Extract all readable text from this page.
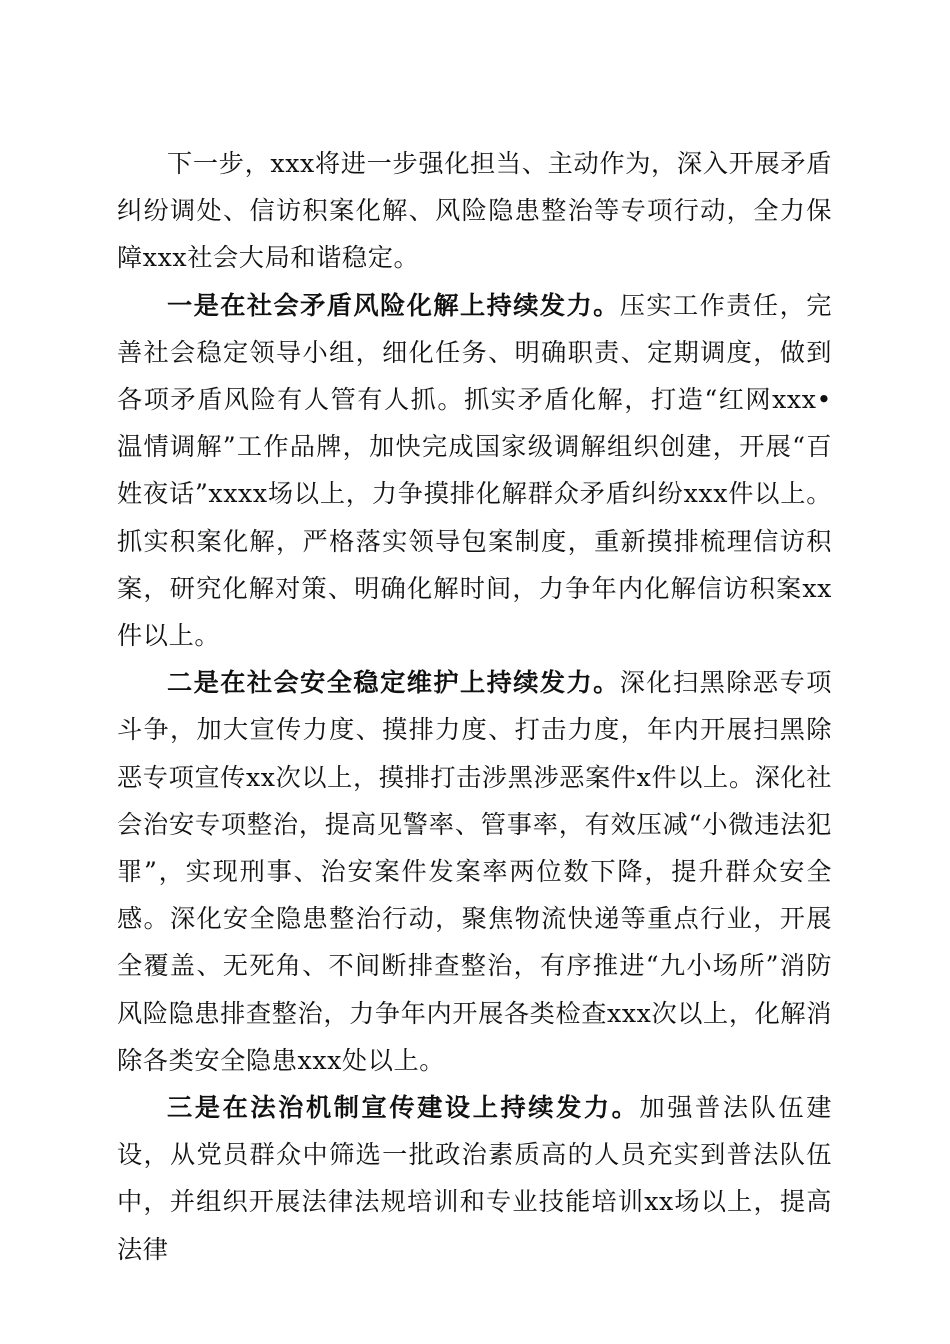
下一步，xxx将进一步强化担当、主动作为，深入开展矛盾纠纷调处、信访积案化解、风险隐患整治等专项行动，全力保障xxx社会大局和谐稳定。

一是在社会矛盾风险化解上持续发力。压实工作责任，完善社会稳定领导小组，细化任务、明确职责、定期调度，做到各项矛盾风险有人管有人抓。抓实矛盾化解，打造“红网xxx•温情调解”工作品牌，加快完成国家级调解组织创建，开展“百姓夜话”xxxx场以上，力争摸排化解群众矛盾纠纷xxx件以上。抓实积案化解，严格落实领导包案制度，重新摸排梳理信访积案，研究化解对策、明确化解时间，力争年内化解信访积案xx件以上。

二是在社会安全稳定维护上持续发力。深化扫黑除恶专项斗争，加大宣传力度、摸排力度、打击力度，年内开展扫黑除恶专项宣传xx次以上，摸排打击涉黑涉恶案件x件以上。深化社会治安专项整治，提高见警率、管事率，有效压减“小微违法犯罪”，实现刑事、治安案件发案率两位数下降，提升群众安全感。深化安全隐患整治行动，聚焦物流快递等重点行业，开展全覆盖、无死角、不间断排查整治，有序推进“九小场所”消防风险隐患排查整治，力争年内开展各类检查xxx次以上，化解消除各类安全隐患xxx处以上。

三是在法治机制宣传建设上持续发力。加强普法队伍建设，从党员群众中筛选一批政治素质高的人员充实到普法队伍中，并组织开展法律法规培训和专业技能培训xx场以上，提高法律
